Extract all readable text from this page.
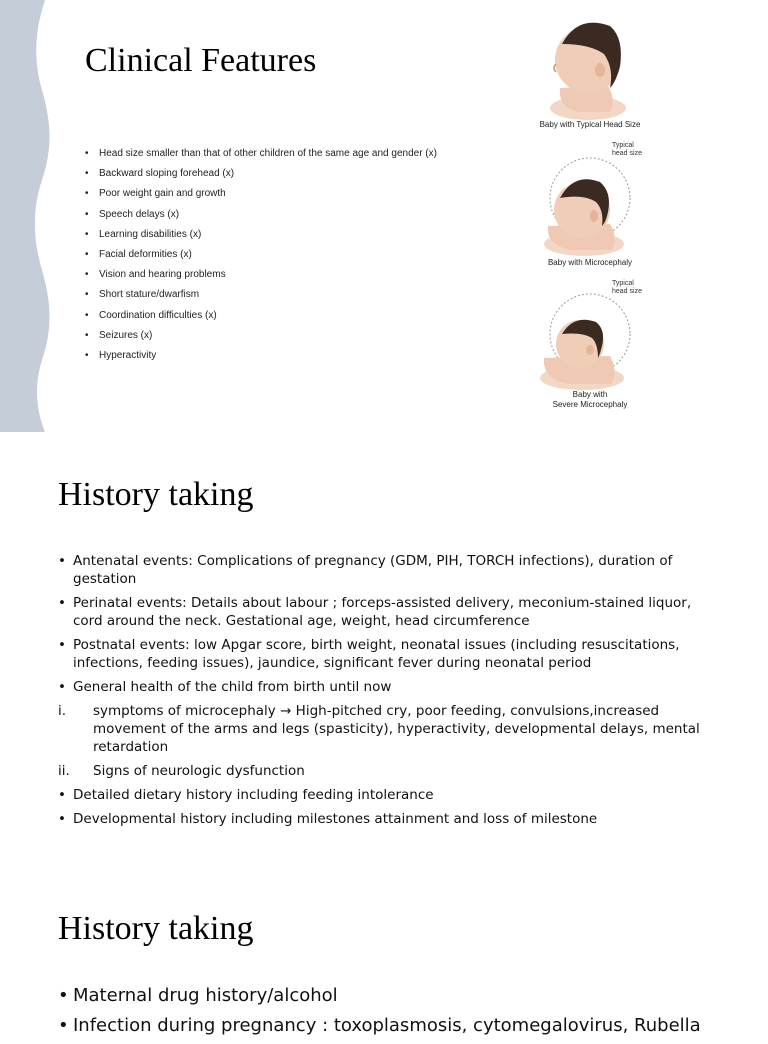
Clinical Features
• Head size smaller than that of other children of the same age and gender (x)
• Backward sloping forehead (x)
• Poor weight gain and growth
• Speech delays (x)
• Learning disabilities (x)
• Facial deformities (x)
• Vision and hearing problems
• Short stature/dwarfism
• Coordination difficulties (x)
• Seizures (x)
• Hyperactivity
Baby with Typical Head Size
Typical
head size
Baby with Microcephaly
Typical
head size
Baby with
Severe Microcephaly
History taking
• Antenatal events: Complications of pregnancy (GDM, PIH, TORCH infections), duration of gestation
• Perinatal events: Details about labour ; forceps-assisted delivery, meconium-stained liquor, cord around the neck. Gestational age, weight, head circumference
• Postnatal events: low Apgar score, birth weight, neonatal issues (including resuscitations, infections, feeding issues), jaundice, significant fever during neonatal period
• General health of the child from birth until now
i. symptoms of microcephaly → High-pitched cry, poor feeding, convulsions,increased movement of the arms and legs (spasticity), hyperactivity, developmental delays, mental retardation
ii. Signs of neurologic dysfunction
• Detailed dietary history including feeding intolerance
• Developmental history including milestones attainment and loss of milestone
History taking
• Maternal drug history/alcohol
• Infection during pregnancy : toxoplasmosis, cytomegalovirus, Rubella
